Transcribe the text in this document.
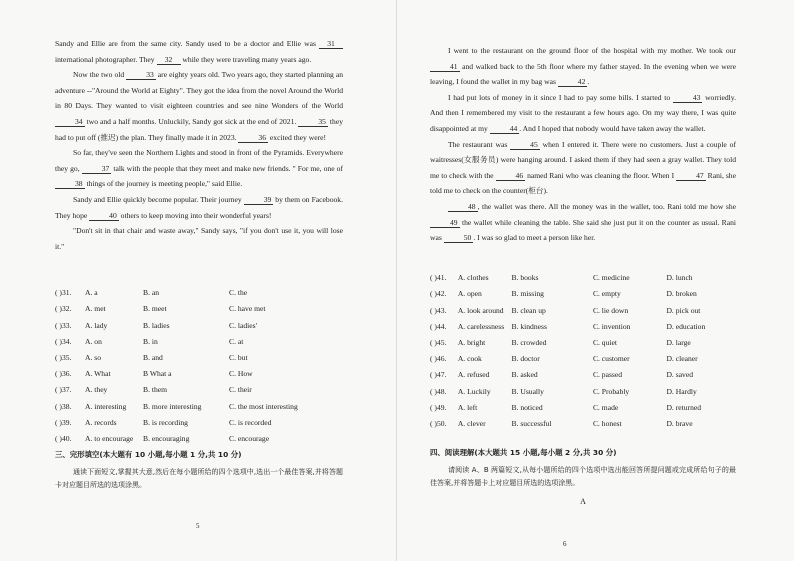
Sandy and Ellie are from the same city. Sandy used to be a doctor and Ellie was 31 international photographer. They 32 while they were traveling many years ago.

Now the two old	33 are eighty years old. Two years ago, they started planning an adventure --"Around the World at Eighty". They got the idea from the novel Around the World in 80 Days. They wanted to visit eighteen countries and see nine Wonders of the World 34 two and a half months. Unluckily, Sandy got sick at the end of 2021.	35 they had to put off (推迟) the plan. They finally made it in 2023.	36 excited they were!

So far, they've seen the Northern Lights and stood in front of the Pyramids. Everywhere they go,	37 talk with the people that they meet and make new friends. " For me, one of 38 things of the journey is meeting people," said Ellie.

Sandy and Ellie quickly become popular. Their journey	39 by them on Facebook. They hope	40 others to keep moving into their wonderful years!

"Don't sit in that chair and waste away," Sandy says, "if you don't use it, you will lose it."

( )31.	A. a	B. an	C. the
( )32.	A. met	B. meet	C. have met
( )33.	A. lady	B. ladies	C. ladies'
( )34.	A. on	B. in	C. at
( )35.	A. so	B. and	C. but
( )36.	A. What	B What a	C. How
( )37.	A. they	B. them	C. their
( )38.	A. interesting	B. more interesting	C. the most interesting
( )39.	A. records	B. is recording	C. is recorded
( )40.	A. to encourage	B. encouraging	C. encourage
三、完形填空(本大题有 10 小题,每小题 1 分,共 10 分)

通读下面短文,掌握其大意,然后在每小题所给的四个选项中,选出一个最佳答案,并将答题卡对应题目所选的选项涂黑。

5

I went to the restaurant on the ground floor of the hospital with my mother. We took our 41 and walked back to the 5th floor where my father stayed. In the evening when we were leaving, I found the wallet in my bag was	42 .

I had put lots of money in it since I had to pay some bills. I started to	43 worriedly. And then I remembered my visit to the restaurant a few hours ago. On my way there, I was quite disappointed at my	44 . And I hoped that nobody would have taken away the wallet.

The restaurant was	45 when I entered it. There were no customers. Just a couple of waitresses(女服务员) were hanging around. I asked them if they had seen a gray wallet. They told me to check with the	46 named Rani who was cleaning the floor. When I	47 Rani, she told me to check on the counter(柜台).

48 , the wallet was there. All the money was in the wallet, too. Rani told me how she 49 the wallet while cleaning the table. She said she just put it on the counter as usual. Rani was	50 . I was so glad to meet a person like her.

( )41.	A. clothes	B. books	C. medicine	D. lunch
( )42.	A. open	B. missing	C. empty	D. broken
( )43.	A. look around	B. clean up	C. lie down	D. pick out
( )44.	A. carelessness B. kindness	C. invention	D. education
( )45.	A. bright	B. crowded	C. quiet	D. large
( )46.	A. cook	B. doctor	C. customer	D. cleaner
( )47.	A. refused	B. asked	C. passed	D. saved
( )48.	A. Luckily	B. Usually	C. Probably	D. Hardly
( )49.	A. left	B. noticed	C. made	D. returned
( )50.	A. clever	B. successful	C. honest	D. brave
四、阅读理解(本大题共 15 小题,每小题 2 分,共 30 分)

请阅读 A、B 两篇短文,从每小题所给的四个选项中选出能回答所提问题或完成所给句子的最佳答案,并将答题卡上对应题目所选的选项涂黑。

A
6
